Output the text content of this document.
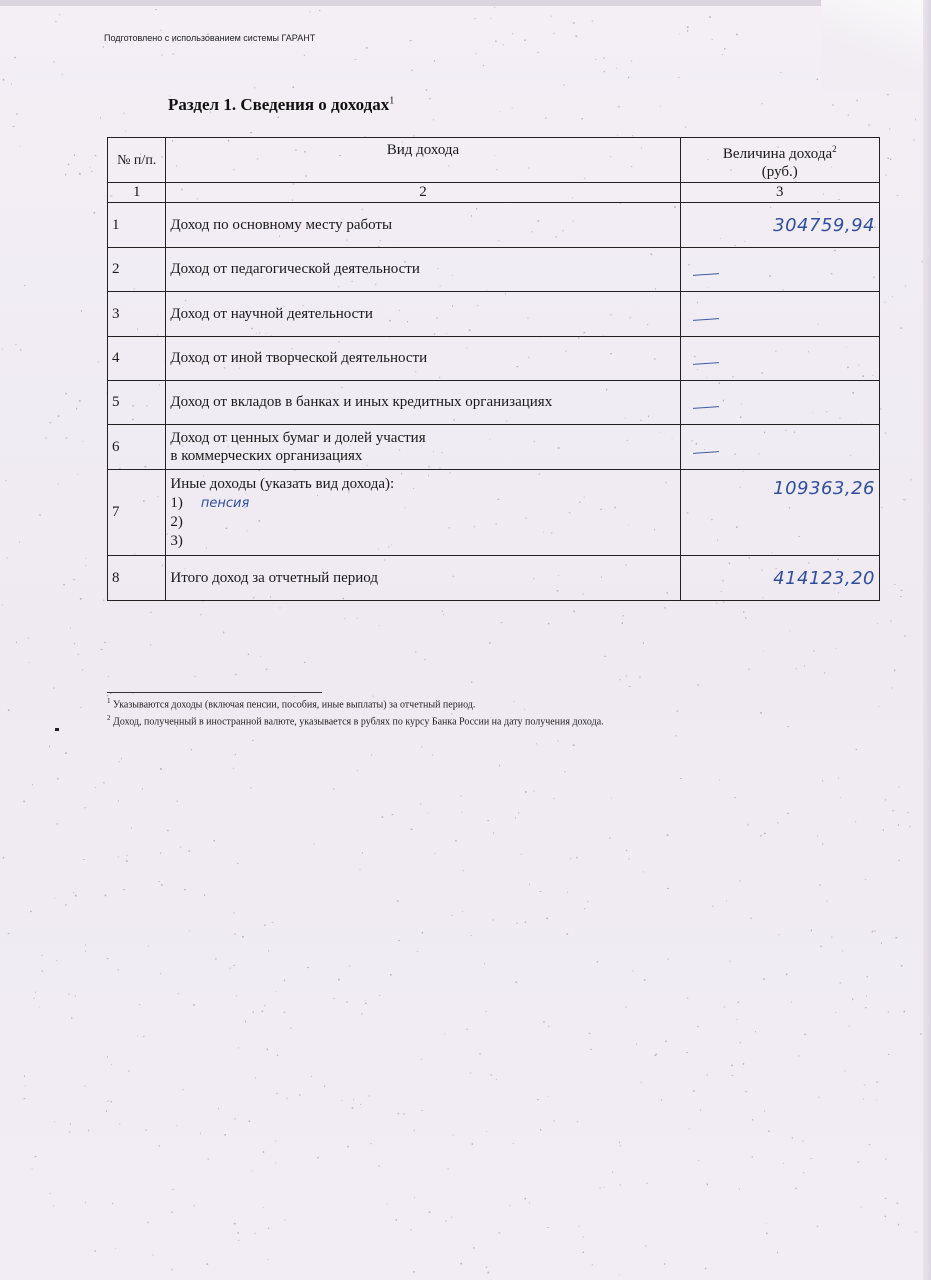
Подготовлено с использованием системы ГАРАНТ
Раздел 1. Сведения о доходах$^1$
№ п/п.	Вид дохода	Величина дохода$^2$
(руб.)
1	2	3
1	Доход по основному месту работы	304759,94
2	Доход от педагогической деятельности	
3	Доход от научной деятельности	
4	Доход от иной творческой деятельности	
5	Доход от вкладов в банках и иных кредитных организациях	
6	Доход от ценных бумаг и долей участия
в коммерческих организациях	
7	Иные доходы (указать вид дохода):
1) пенсия
2)
3)	109363,26
8	Итого доход за отчетный период	414123,20
$^1$ Указываются доходы (включая пенсии, пособия, иные выплаты) за отчетный период.
$^2$ Доход, полученный в иностранной валюте, указывается в рублях по курсу Банка России на дату получения дохода.
